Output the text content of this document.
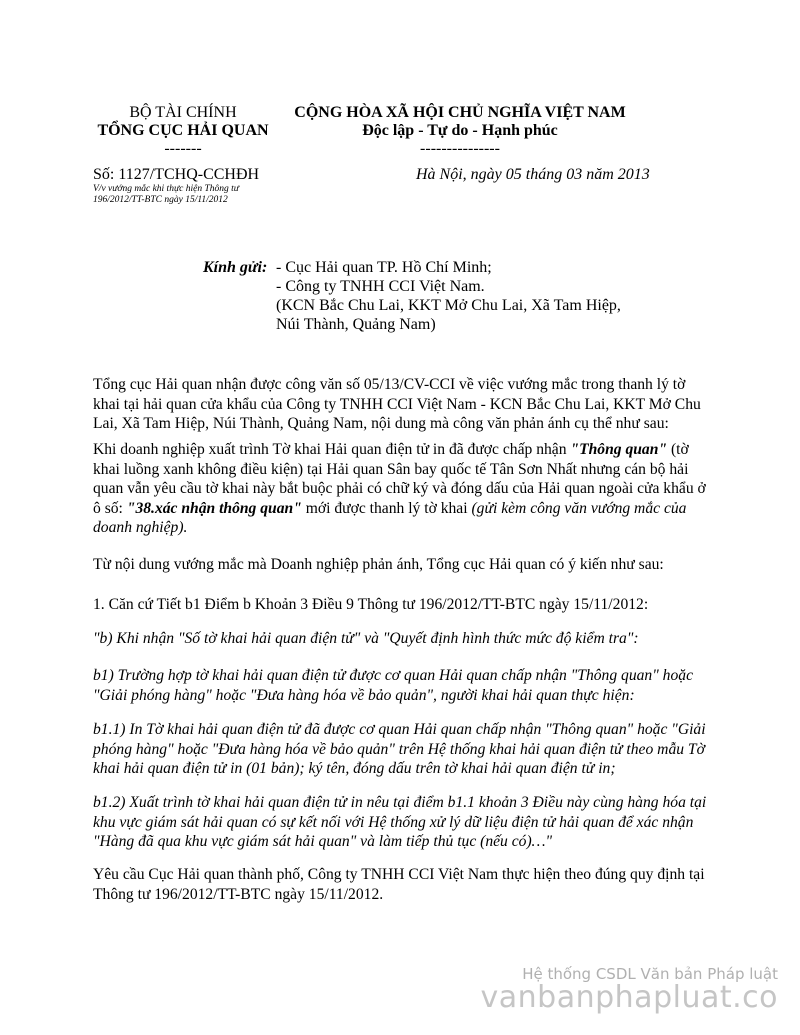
BỘ TÀI CHÍNH
TỔNG CỤC HẢI QUAN
-------
Số: 1127/TCHQ-CCHĐH
V/v vướng mắc khi thực hiện Thông tư
196/2012/TT-BTC ngày 15/11/2012
CỘNG HÒA XÃ HỘI CHỦ NGHĨA VIỆT NAM
Độc lập - Tự do - Hạnh phúc
---------------
Hà Nội, ngày 05 tháng 03 năm 2013
Kính gửi: - Cục Hải quan TP. Hồ Chí Minh;
- Công ty TNHH CCI Việt Nam.
(KCN Bắc Chu Lai, KKT Mở Chu Lai, Xã Tam Hiệp,
Núi Thành, Quảng Nam)
Tổng cục Hải quan nhận được công văn số 05/13/CV-CCI về việc vướng mắc trong thanh lý tờ khai tại hải quan cửa khẩu của Công ty TNHH CCI Việt Nam - KCN Bắc Chu Lai, KKT Mở Chu Lai, Xã Tam Hiệp, Núi Thành, Quảng Nam, nội dung mà công văn phản ánh cụ thể như sau:
Khi doanh nghiệp xuất trình Tờ khai Hải quan điện tử in đã được chấp nhận "Thông quan" (tờ khai luồng xanh không điều kiện) tại Hải quan Sân bay quốc tế Tân Sơn Nhất nhưng cán bộ hải quan vẫn yêu cầu tờ khai này bắt buộc phải có chữ ký và đóng dấu của Hải quan ngoài cửa khẩu ở ô số: "38.xác nhận thông quan" mới được thanh lý tờ khai (gửi kèm công văn vướng mắc của doanh nghiệp).
Từ nội dung vướng mắc mà Doanh nghiệp phản ánh, Tổng cục Hải quan có ý kiến như sau:
1. Căn cứ Tiết b1 Điểm b Khoản 3 Điều 9 Thông tư 196/2012/TT-BTC ngày 15/11/2012:
"b) Khi nhận "Số tờ khai hải quan điện tử" và "Quyết định hình thức mức độ kiểm tra":
b1) Trường hợp tờ khai hải quan điện tử được cơ quan Hải quan chấp nhận "Thông quan" hoặc "Giải phóng hàng" hoặc "Đưa hàng hóa về bảo quản", người khai hải quan thực hiện:
b1.1) In Tờ khai hải quan điện tử đã được cơ quan Hải quan chấp nhận "Thông quan" hoặc "Giải phóng hàng" hoặc "Đưa hàng hóa về bảo quản" trên Hệ thống khai hải quan điện tử theo mẫu Tờ khai hải quan điện tử in (01 bản); ký tên, đóng dấu trên tờ khai hải quan điện tử in;
b1.2) Xuất trình tờ khai hải quan điện tử in nêu tại điểm b1.1 khoản 3 Điều này cùng hàng hóa tại khu vực giám sát hải quan có sự kết nối với Hệ thống xử lý dữ liệu điện tử hải quan để xác nhận "Hàng đã qua khu vực giám sát hải quan" và làm tiếp thủ tục (nếu có)…"
Yêu cầu Cục Hải quan thành phố, Công ty TNHH CCI Việt Nam thực hiện theo đúng quy định tại Thông tư 196/2012/TT-BTC ngày 15/11/2012.
Hệ thống CSDL Văn bản Pháp luật
vanbanphapluat.co
